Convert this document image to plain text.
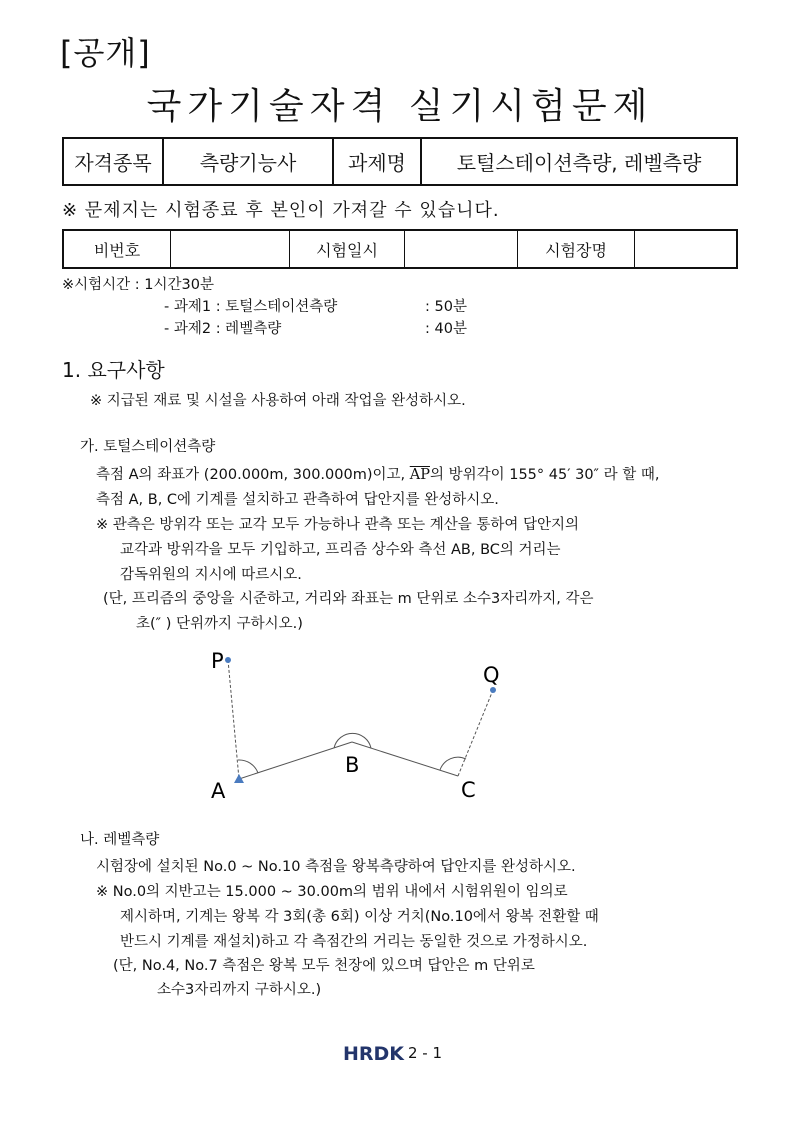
[공개]
국가기술자격 실기시험문제
자격종목	측량기능사	과제명	토털스테이션측량, 레벨측량
※ 문제지는 시험종료 후 본인이 가져갈 수 있습니다.
비번호		시험일시		시험장명	
※시험시간 : 1시간30분
- 과제1 : 토털스테이션측량	: 50분
- 과제2 : 레벨측량	: 40분
1. 요구사항
※ 지급된 재료 및 시설을 사용하여 아래 작업을 완성하시오.
가. 토털스테이션측량
측점 A의 좌표가 (200.000m, 300.000m)이고, $\overline{AP}$의 방위각이 155° 45′ 30″ 라 할 때,
측점 A, B, C에 기계를 설치하고 관측하여 답안지를 완성하시오.
※ 관측은 방위각 또는 교각 모두 가능하나 관측 또는 계산을 통하여 답안지의
교각과 방위각을 모두 기입하고, 프리즘 상수와 측선 AB, BC의 거리는
감독위원의 지시에 따르시오.
(단, 프리즘의 중앙을 시준하고, 거리와 좌표는 m 단위로 소수3자리까지, 각은
초(″ ) 단위까지 구하시오.)
P
Q
A
B
C
나. 레벨측량
시험장에 설치된 No.0 ~ No.10 측점을 왕복측량하여 답안지를 완성하시오.
※ No.0의 지반고는 15.000 ~ 30.00m의 범위 내에서 시험위원이 임의로
제시하며, 기계는 왕복 각 3회(총 6회) 이상 거치(No.10에서 왕복 전환할 때
반드시 기계를 재설치)하고 각 측점간의 거리는 동일한 것으로 가정하시오.
(단, No.4, No.7 측점은 왕복 모두 천장에 있으며 답안은 m 단위로
소수3자리까지 구하시오.)
HRDK 2 - 1
